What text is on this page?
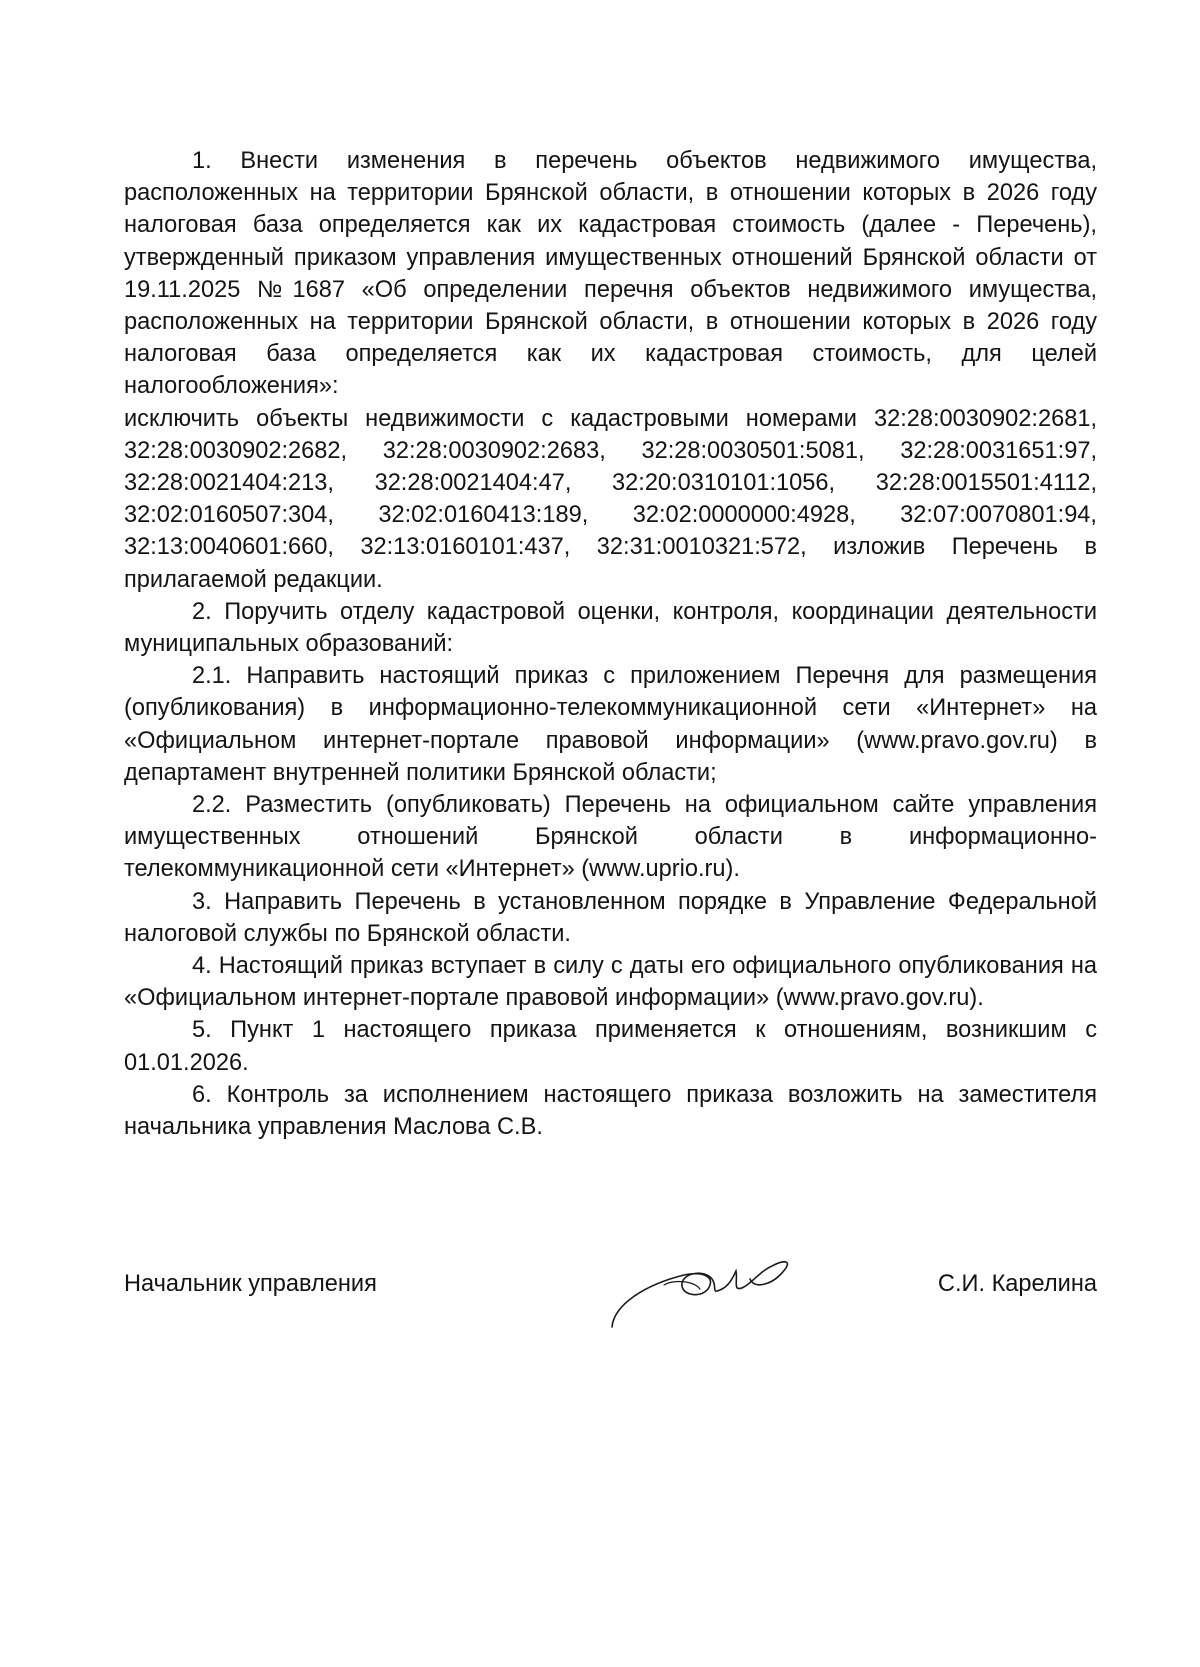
1. Внести изменения в перечень объектов недвижимого имущества, расположенных на территории Брянской области, в отношении которых в 2026 году налоговая база определяется как их кадастровая стоимость (далее - Перечень), утвержденный приказом управления имущественных отношений Брянской области от 19.11.2025 №1687 «Об определении перечня объектов недвижимого имущества, расположенных на территории Брянской области, в отношении которых в 2026 году налоговая база определяется как их кадастровая стоимость, для целей налогообложения»:

исключить объекты недвижимости с кадастровыми номерами 32:28:0030902:2681, 32:28:0030902:2682, 32:28:0030902:2683, 32:28:0030501:5081, 32:28:0031651:97, 32:28:0021404:213, 32:28:0021404:47, 32:20:0310101:1056, 32:28:0015501:4112, 32:02:0160507:304, 32:02:0160413:189, 32:02:0000000:4928, 32:07:0070801:94, 32:13:0040601:660, 32:13:0160101:437, 32:31:0010321:572, изложив Перечень в прилагаемой редакции.

2. Поручить отделу кадастровой оценки, контроля, координации деятельности муниципальных образований:

2.1. Направить настоящий приказ с приложением Перечня для размещения (опубликования) в информационно-телекоммуникационной сети «Интернет» на «Официальном интернет-портале правовой информации» (www.pravo.gov.ru) в департамент внутренней политики Брянской области;

2.2. Разместить (опубликовать) Перечень на официальном сайте управления имущественных отношений Брянской области в информационно-телекоммуникационной сети «Интернет» (www.uprio.ru).

3. Направить Перечень в установленном порядке в Управление Федеральной налоговой службы по Брянской области.

4. Настоящий приказ вступает в силу с даты его официального опубликования на «Официальном интернет-портале правовой информации» (www.pravo.gov.ru).

5. Пункт 1 настоящего приказа применяется к отношениям, возникшим с 01.01.2026.

6. Контроль за исполнением настоящего приказа возложить на заместителя начальника управления Маслова С.В.

Начальник управления	С.И. Карелина
